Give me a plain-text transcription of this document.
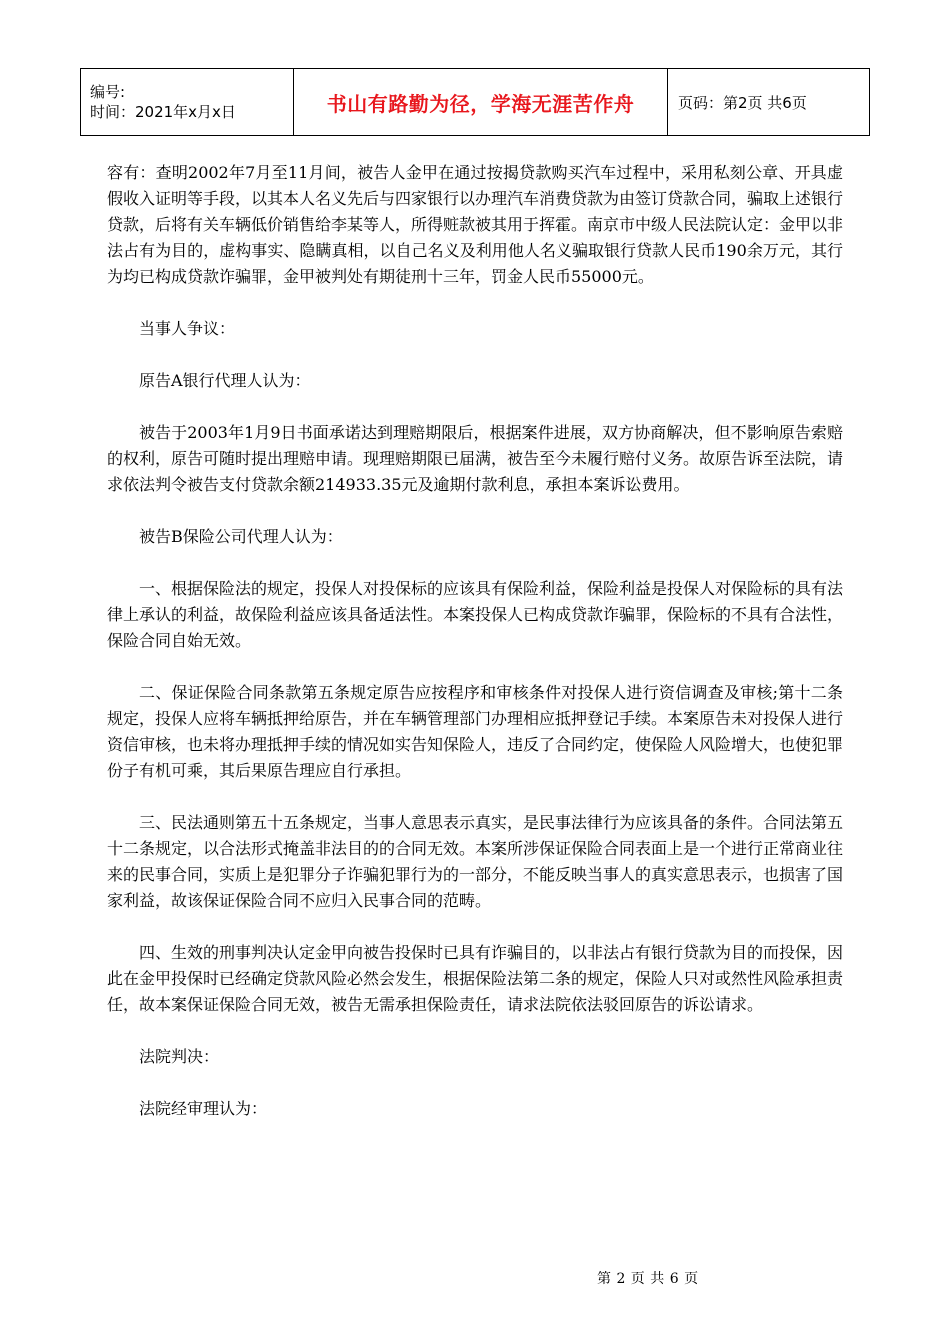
编号:
时间：2021年x月x日	书山有路勤为径，学海无涯苦作舟	页码：第2页 共6页

容有：查明2002年7月至11月间，被告人金甲在通过按揭贷款购买汽车过程中，采用私刻公章、开具虚假收入证明等手段，以其本人名义先后与四家银行以办理汽车消费贷款为由签订贷款合同，骗取上述银行贷款，后将有关车辆低价销售给李某等人，所得赃款被其用于挥霍。南京市中级人民法院认定：金甲以非法占有为目的，虚构事实、隐瞒真相，以自己名义及利用他人名义骗取银行贷款人民币190余万元，其行为均已构成贷款诈骗罪，金甲被判处有期徒刑十三年，罚金人民币55000元。

当事人争议：

原告A银行代理人认为：

被告于2003年1月9日书面承诺达到理赔期限后，根据案件进展，双方协商解决，但不影响原告索赔的权利，原告可随时提出理赔申请。现理赔期限已届满，被告至今未履行赔付义务。故原告诉至法院，请求依法判令被告支付贷款余额214933.35元及逾期付款利息，承担本案诉讼费用。

被告B保险公司代理人认为：

一、根据保险法的规定，投保人对投保标的应该具有保险利益，保险利益是投保人对保险标的具有法律上承认的利益，故保险利益应该具备适法性。本案投保人已构成贷款诈骗罪，保险标的不具有合法性，保险合同自始无效。

二、保证保险合同条款第五条规定原告应按程序和审核条件对投保人进行资信调查及审核;第十二条规定，投保人应将车辆抵押给原告，并在车辆管理部门办理相应抵押登记手续。本案原告未对投保人进行资信审核，也未将办理抵押手续的情况如实告知保险人，违反了合同约定，使保险人风险增大，也使犯罪份子有机可乘，其后果原告理应自行承担。

三、民法通则第五十五条规定，当事人意思表示真实，是民事法律行为应该具备的条件。合同法第五十二条规定，以合法形式掩盖非法目的的合同无效。本案所涉保证保险合同表面上是一个进行正常商业往来的民事合同，实质上是犯罪分子诈骗犯罪行为的一部分，不能反映当事人的真实意思表示，也损害了国家利益，故该保证保险合同不应归入民事合同的范畴。

四、生效的刑事判决认定金甲向被告投保时已具有诈骗目的，以非法占有银行贷款为目的而投保，因此在金甲投保时已经确定贷款风险必然会发生，根据保险法第二条的规定，保险人只对或然性风险承担责任，故本案保证保险合同无效，被告无需承担保险责任，请求法院依法驳回原告的诉讼请求。

法院判决：

法院经审理认为：

第 2 页 共 6 页
